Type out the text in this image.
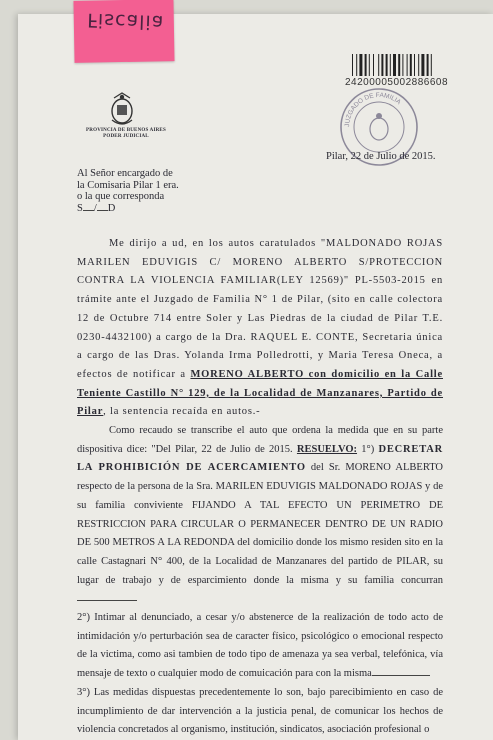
Fiscalia
PROVINCIA DE BUENOS AIRES
PODER JUDICIAL
24200005002886608
JUZGADO DE FAMILIA
Pilar, 22 de Julio de 2015.
Al Señor encargado de
la Comisaria Pilar 1 era.
o la que corresponda
S / D

Me dirijo a ud, en los autos caratulados "MALDONADO ROJAS MARILEN EDUVIGIS C/ MORENO ALBERTO S/PROTECCION CONTRA LA VIOLENCIA FAMILIAR(LEY 12569)" PL-5503-2015 en trámite ante el Juzgado de Familia N° 1 de Pilar, (sito en calle colectora 12 de Octubre 714 entre Soler y Las Piedras de la ciudad de Pilar T.E. 0230-4432100) a cargo de la Dra. RAQUEL E. CONTE, Secretaria única a cargo de las Dras. Yolanda Irma Polledrotti, y Maria Teresa Oneca, a efectos de notificar a MORENO ALBERTO con domicilio en la Calle Teniente Castillo N° 129, de la Localidad de Manzanares, Partido de Pilar, la sentencia recaída en autos.-

Como recaudo se transcribe el auto que ordena la medida que en su parte dispositiva dice: "Del Pilar, 22 de Julio de 2015. RESUELVO: 1°) DECRETAR LA PROHIBICIÓN DE ACERCAMIENTO del Sr. MORENO ALBERTO respecto de la persona de la Sra. MARILEN EDUVIGIS MALDONADO ROJAS y de su familia conviviente FIJANDO A TAL EFECTO UN PERIMETRO DE RESTRICCION PARA CIRCULAR O PERMANECER DENTRO DE UN RADIO DE 500 METROS A LA REDONDA del domicilio donde los mismo residen sito en la calle Castagnari N° 400, de la Localidad de Manzanares del partido de PILAR, su lugar de trabajo y de esparcimiento donde la misma y su familia concurran

2°) Intimar al denunciado, a cesar y/o abstenerce de la realización de todo acto de intimidación y/o perturbación sea de caracter físico, psicológico o emocional respecto de la victima, como asi tambien de todo tipo de amenaza ya sea verbal, telefónica, vía mensaje de texto o cualquier modo de comuicación para con la misma

3°) Las medidas dispuestas precedentemente lo son, bajo parecibimiento en caso de incumplimiento de dar intervención a la justicia penal, de comunicar los hechos de violencia concretados al organismo, institución, sindicatos, asociación profesional o
